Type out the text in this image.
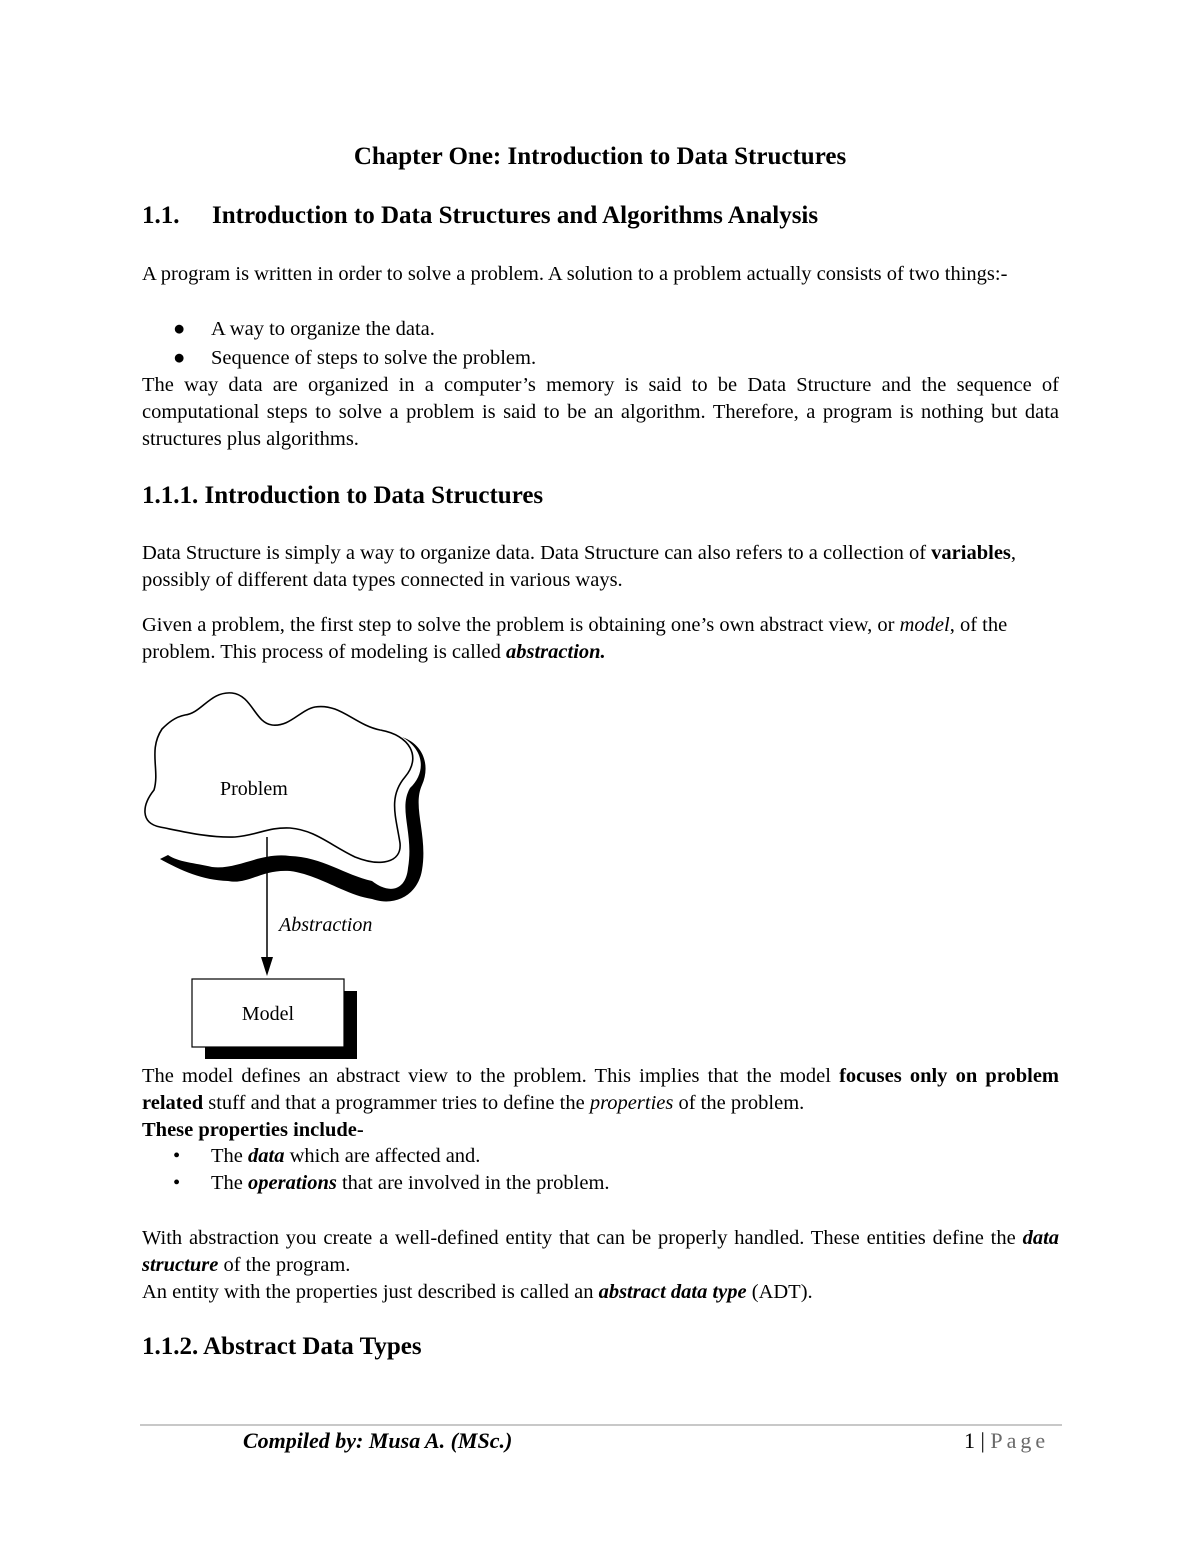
Chapter One: Introduction to Data Structures
1.1. Introduction to Data Structures and Algorithms Analysis
A program is written in order to solve a problem. A solution to a problem actually consists of two things:-
● A way to organize the data.
● Sequence of steps to solve the problem.
The way data are organized in a computer’s memory is said to be Data Structure and the sequence of computational steps to solve a problem is said to be an algorithm. Therefore, a program is nothing but data structures plus algorithms.
1.1.1. Introduction to Data Structures
Data Structure is simply a way to organize data. Data Structure can also refers to a collection of variables, possibly of different data types connected in various ways.
Given a problem, the first step to solve the problem is obtaining one’s own abstract view, or model, of the problem. This process of modeling is called abstraction.
Problem
Abstraction
Model
The model defines an abstract view to the problem. This implies that the model focuses only on problem related stuff and that a programmer tries to define the properties of the problem.
These properties include-
• The data which are affected and.
• The operations that are involved in the problem.
With abstraction you create a well-defined entity that can be properly handled. These entities define the data structure of the program.
An entity with the properties just described is called an abstract data type (ADT).
1.1.2. Abstract Data Types
Compiled by: Musa A. (MSc.)	1 | Page
